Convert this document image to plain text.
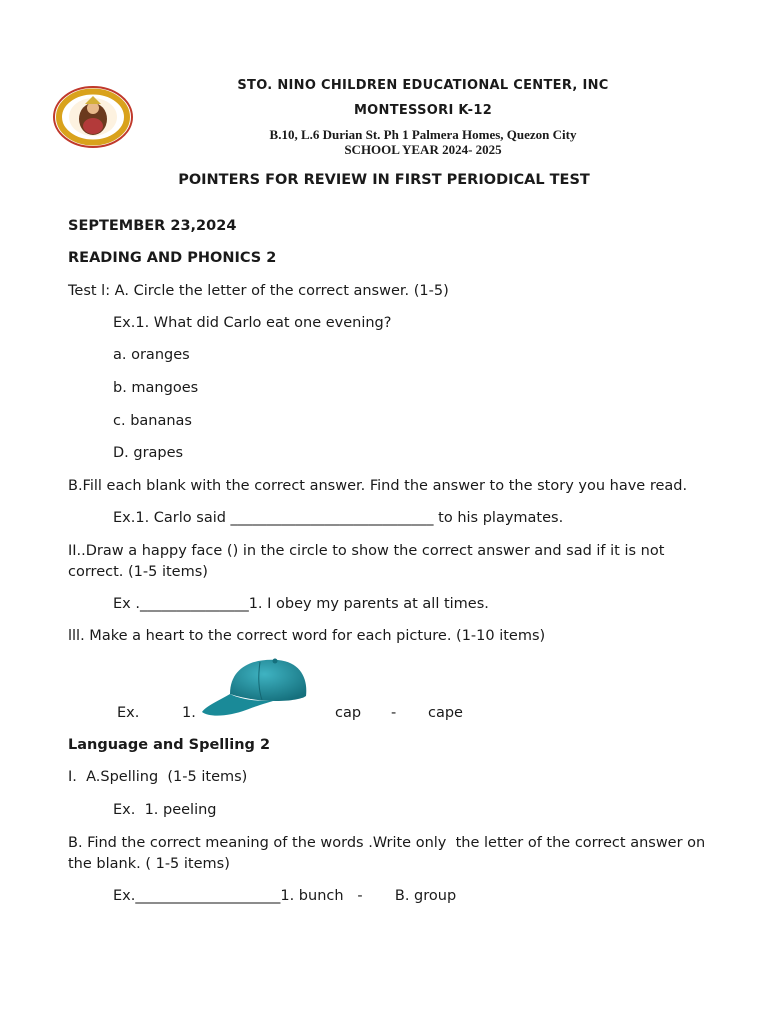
STO. NINO CHILDREN EDUCATIONAL CENTER, INC
MONTESSORI K-12
B.10, L.6 Durian St. Ph 1 Palmera Homes, Quezon City
SCHOOL YEAR 2024- 2025
POINTERS FOR REVIEW IN FIRST PERIODICAL TEST
SEPTEMBER 23,2024
READING AND PHONICS 2
Test l: A. Circle the letter of the correct answer. (1-5)
Ex.1. What did Carlo eat one evening?
a. oranges
b. mangoes
c. bananas
D. grapes
B.Fill each blank with the correct answer. Find the answer to the story you have read.
Ex.1. Carlo said ____________________________ to his playmates.
II..Draw a happy face () in the circle to show the correct answer and sad if it is not correct. (1-5 items)
Ex ._______________1. I obey my parents at all times.
lll. Make a heart to the correct word for each picture. (1-10 items)
Ex.	1.	cap - cape
Language and Spelling 2
I.  A.Spelling  (1-5 items)
Ex.  1. peeling
B. Find the correct meaning of the words .Write only  the letter of the correct answer on the blank. ( 1-5 items)
Ex.____________________1. bunch   -       B. group
